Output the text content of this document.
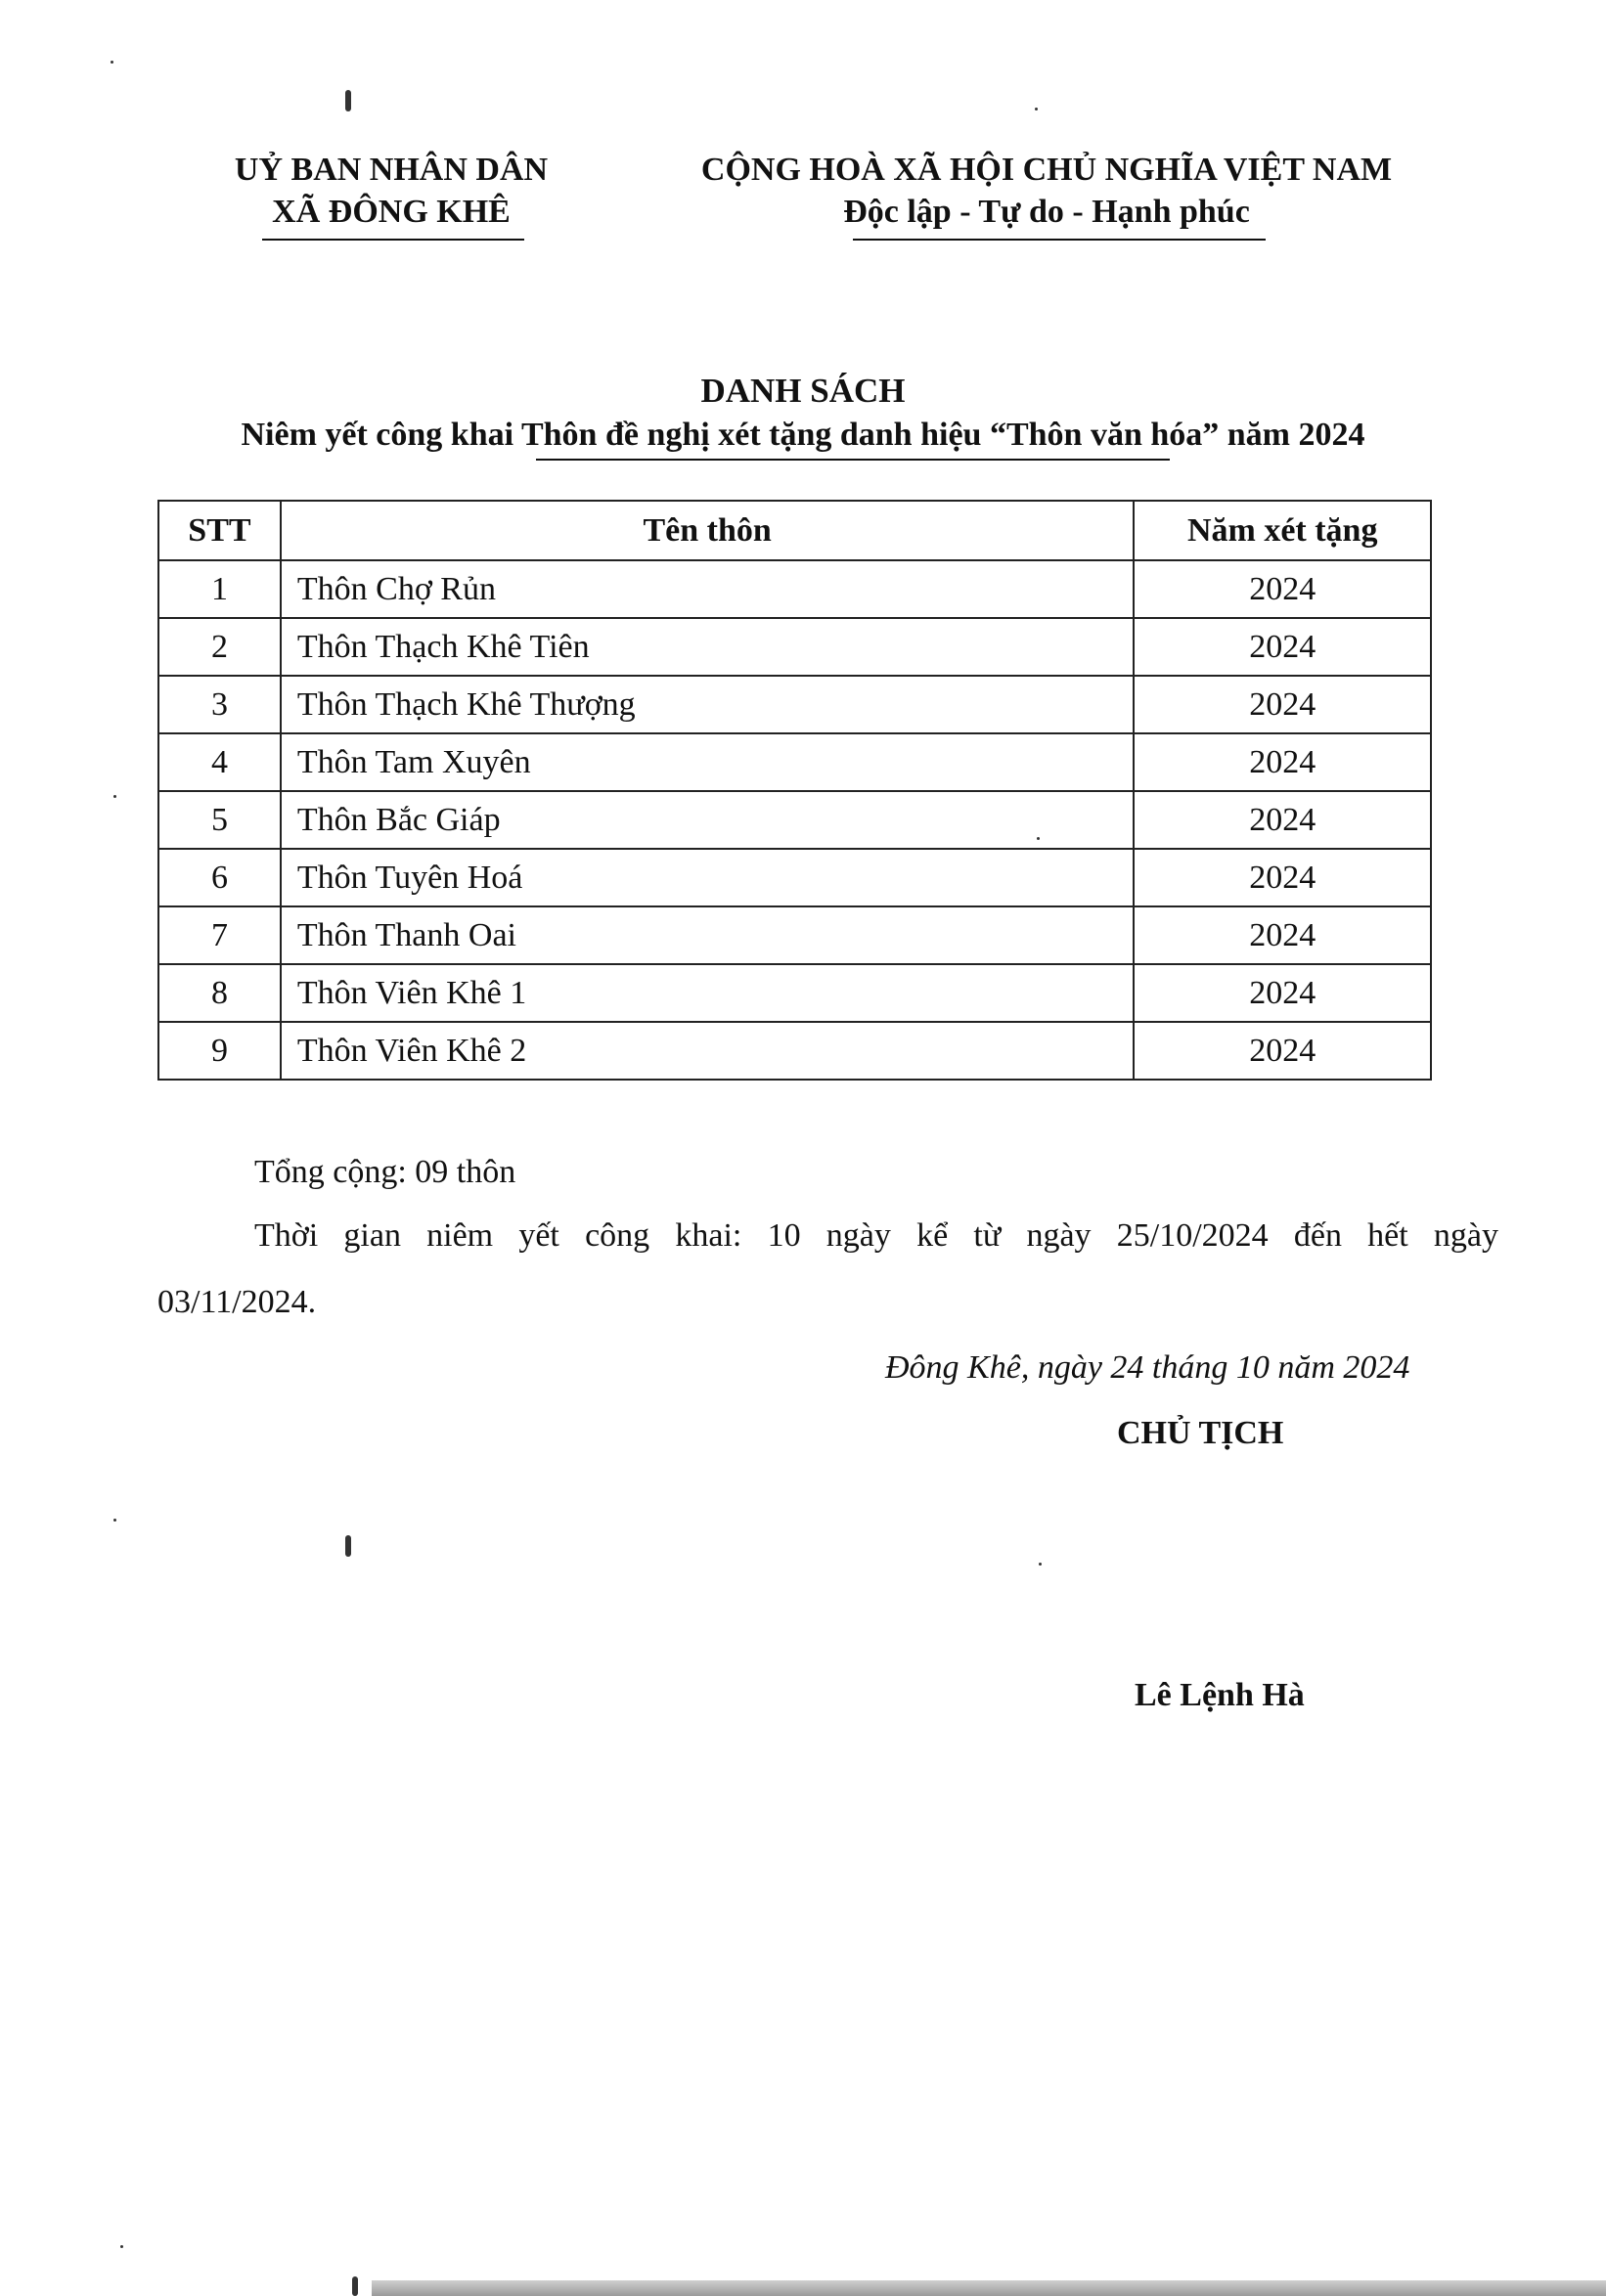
UỶ BAN NHÂN DÂN
XÃ ĐÔNG KHÊ
CỘNG HOÀ XÃ HỘI CHỦ NGHĨA VIỆT NAM
Độc lập - Tự do - Hạnh phúc
DANH SÁCH
Niêm yết công khai Thôn đề nghị xét tặng danh hiệu “Thôn văn hóa” năm 2024
STT	Tên thôn	Năm xét tặng
1	Thôn Chợ Rủn	2024
2	Thôn Thạch Khê Tiên	2024
3	Thôn Thạch Khê Thượng	2024
4	Thôn Tam Xuyên	2024
5	Thôn Bắc Giáp	2024
6	Thôn Tuyên Hoá	2024
7	Thôn Thanh Oai	2024
8	Thôn Viên Khê 1	2024
9	Thôn Viên Khê 2	2024
Tổng cộng: 09 thôn
Thời gian niêm yết công khai: 10 ngày kể từ ngày 25/10/2024 đến hết ngày
03/11/2024.
Đông Khê, ngày 24 tháng 10 năm 2024
CHỦ TỊCH
Lê Lệnh Hà
